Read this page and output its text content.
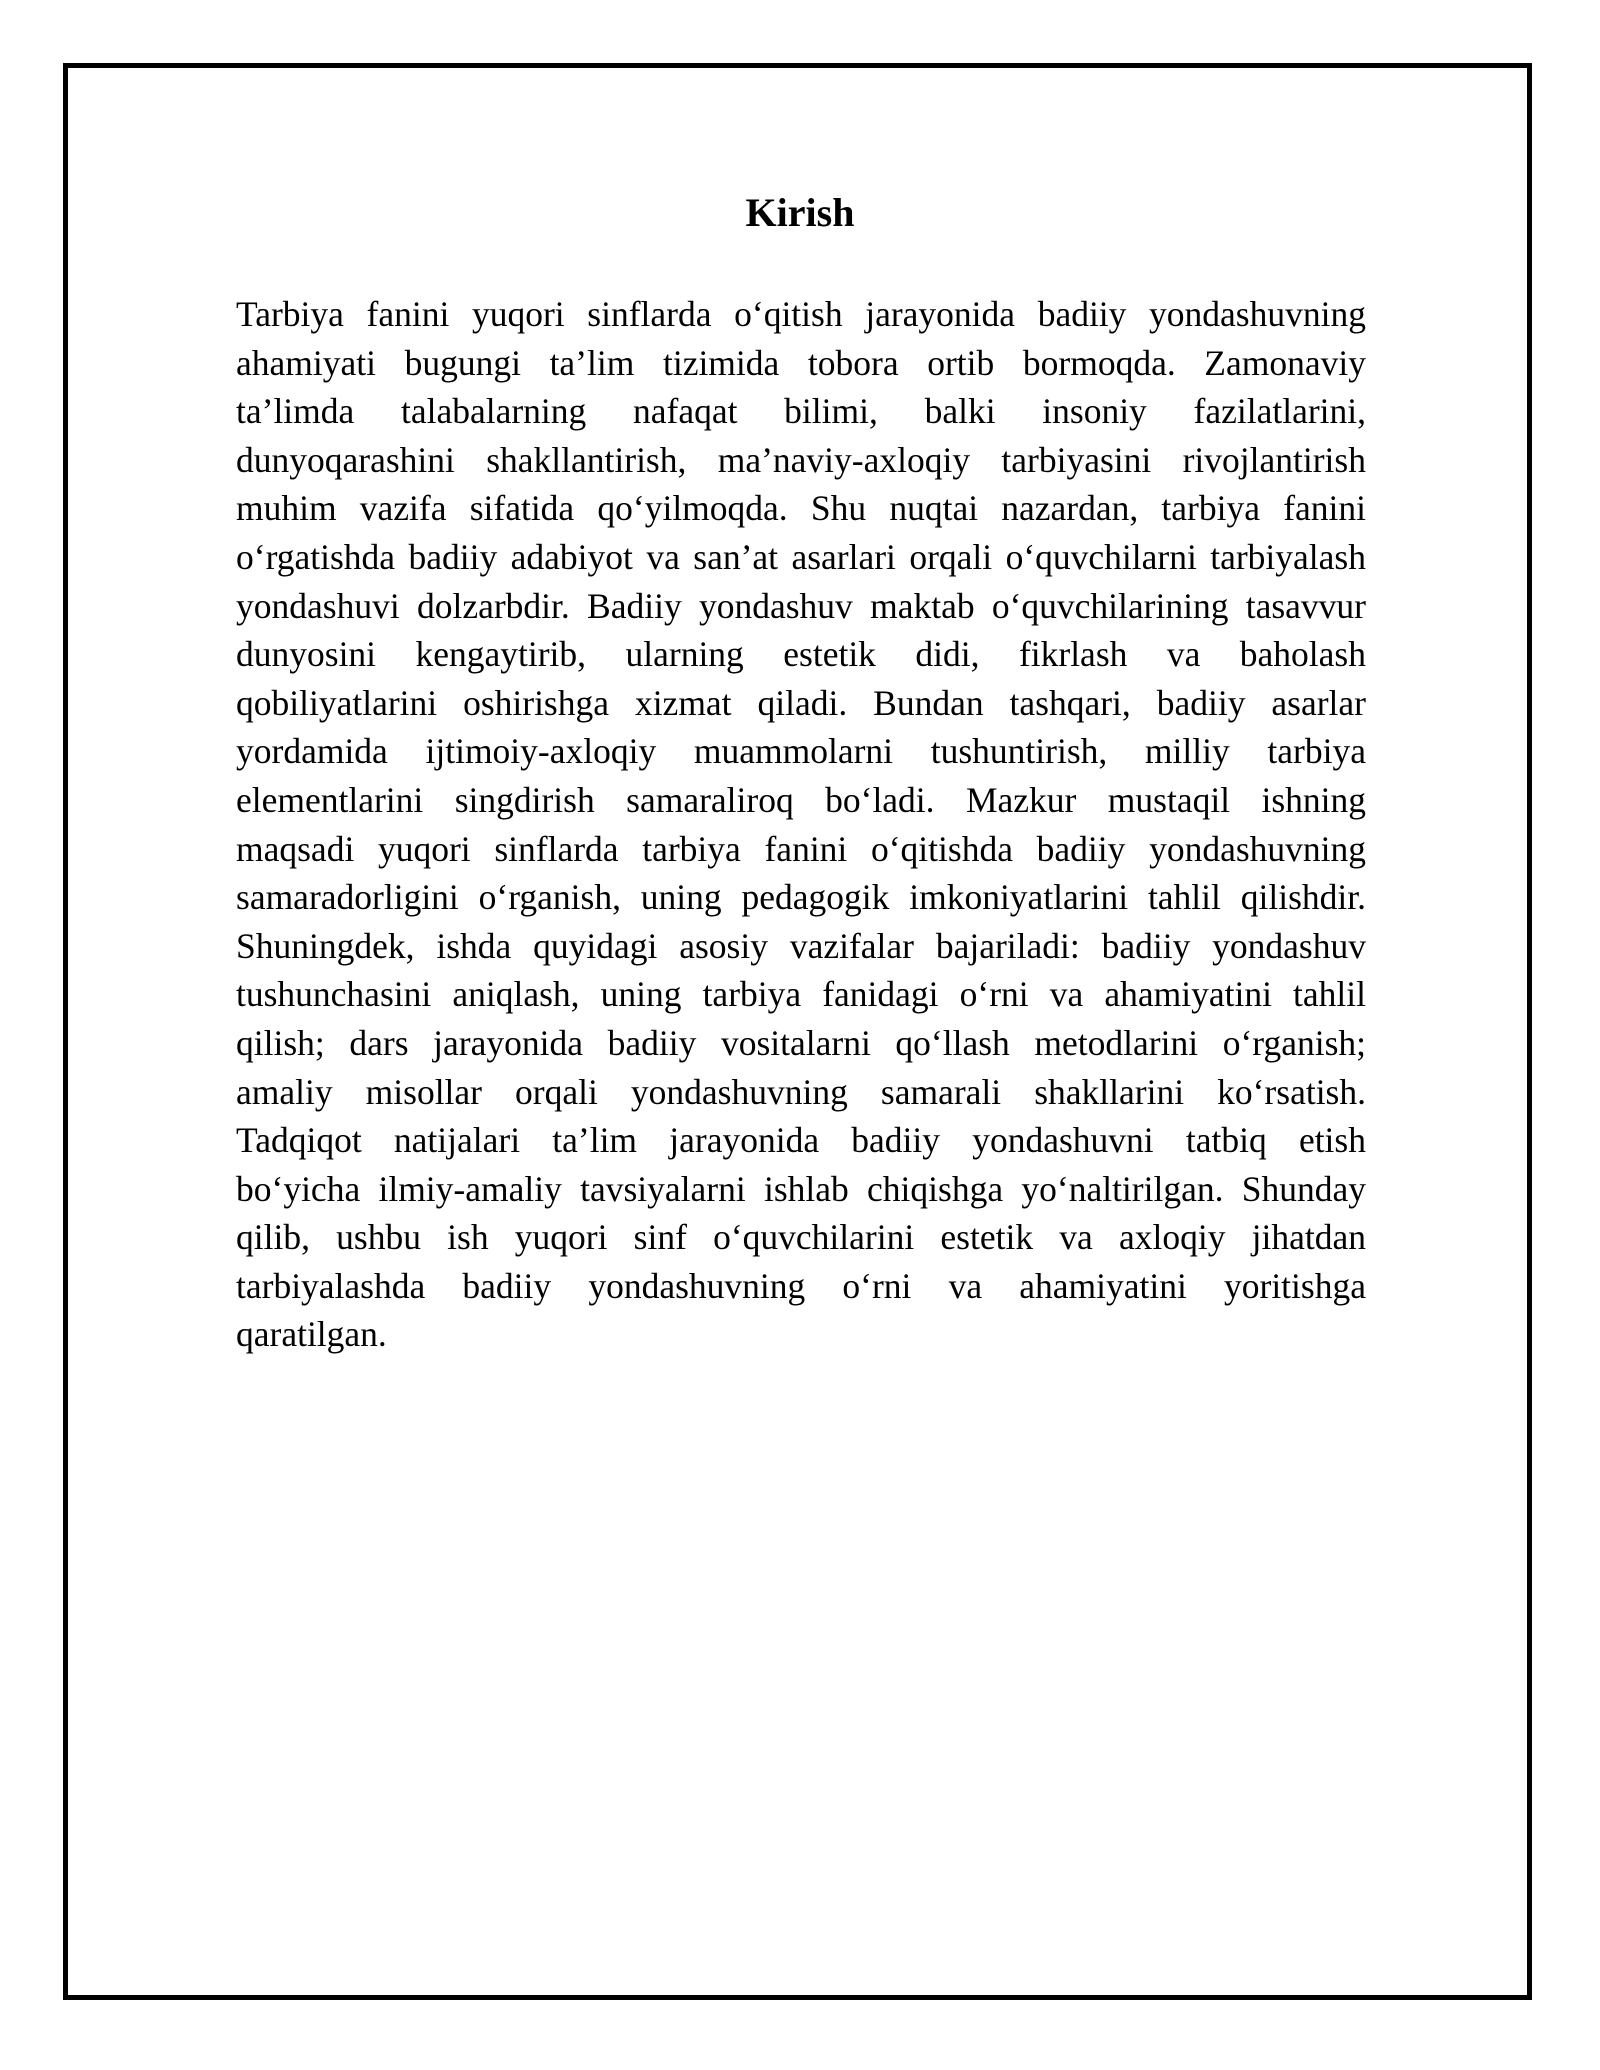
Kirish
Tarbiya fanini yuqori sinflarda o‘qitish jarayonida badiiy yondashuvning
ahamiyati bugungi ta’lim tizimida tobora ortib bormoqda. Zamonaviy
ta’limda talabalarning nafaqat bilimi, balki insoniy fazilatlarini,
dunyoqarashini shakllantirish, ma’naviy-axloqiy tarbiyasini rivojlantirish
muhim vazifa sifatida qo‘yilmoqda. Shu nuqtai nazardan, tarbiya fanini
o‘rgatishda badiiy adabiyot va san’at asarlari orqali o‘quvchilarni tarbiyalash
yondashuvi dolzarbdir. Badiiy yondashuv maktab o‘quvchilarining tasavvur
dunyosini kengaytirib, ularning estetik didi, fikrlash va baholash
qobiliyatlarini oshirishga xizmat qiladi. Bundan tashqari, badiiy asarlar
yordamida ijtimoiy-axloqiy muammolarni tushuntirish, milliy tarbiya
elementlarini singdirish samaraliroq bo‘ladi. Mazkur mustaqil ishning
maqsadi yuqori sinflarda tarbiya fanini o‘qitishda badiiy yondashuvning
samaradorligini o‘rganish, uning pedagogik imkoniyatlarini tahlil qilishdir.
Shuningdek, ishda quyidagi asosiy vazifalar bajariladi: badiiy yondashuv
tushunchasini aniqlash, uning tarbiya fanidagi o‘rni va ahamiyatini tahlil
qilish; dars jarayonida badiiy vositalarni qo‘llash metodlarini o‘rganish;
amaliy misollar orqali yondashuvning samarali shakllarini ko‘rsatish.
Tadqiqot natijalari ta’lim jarayonida badiiy yondashuvni tatbiq etish
bo‘yicha ilmiy-amaliy tavsiyalarni ishlab chiqishga yo‘naltirilgan. Shunday
qilib, ushbu ish yuqori sinf o‘quvchilarini estetik va axloqiy jihatdan
tarbiyalashda badiiy yondashuvning o‘rni va ahamiyatini yoritishga
qaratilgan.
